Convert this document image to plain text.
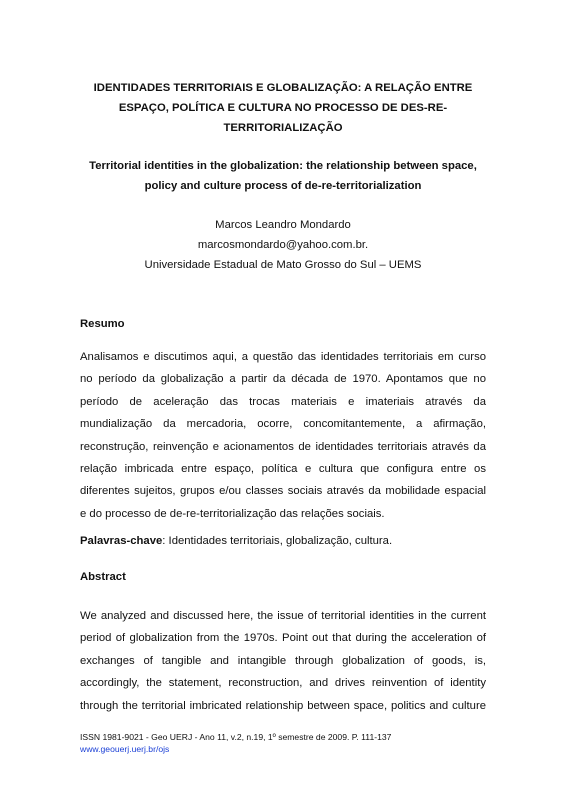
IDENTIDADES TERRITORIAIS E GLOBALIZAÇÃO: A RELAÇÃO ENTRE
ESPAÇO, POLÍTICA E CULTURA NO PROCESSO DE DES-RE-
TERRITORIALIZAÇÃO
Territorial identities in the globalization: the relationship between space,
policy and culture process of de-re-territorialization
Marcos Leandro Mondardo
marcosmondardo@yahoo.com.br.
Universidade Estadual de Mato Grosso do Sul – UEMS
Resumo
Analisamos e discutimos aqui, a questão das identidades territoriais em curso
no período da globalização a partir da década de 1970. Apontamos que no
período de aceleração das trocas materiais e imateriais através da
mundialização da mercadoria, ocorre, concomitantemente, a afirmação,
reconstrução, reinvenção e acionamentos de identidades territoriais através da
relação imbricada entre espaço, política e cultura que configura entre os
diferentes sujeitos, grupos e/ou classes sociais através da mobilidade espacial
e do processo de de-re-territorialização das relações sociais.
Palavras-chave: Identidades territoriais, globalização, cultura.
Abstract
We analyzed and discussed here, the issue of territorial identities in the current
period of globalization from the 1970s. Point out that during the acceleration of
exchanges of tangible and intangible through globalization of goods, is,
accordingly, the statement, reconstruction, and drives reinvention of identity
through the territorial imbricated relationship between space, politics and culture
ISSN 1981-9021 - Geo UERJ - Ano 11, v.2, n.19, 1º semestre de 2009. P. 111-137
www.geouerj.uerj.br/ojs
